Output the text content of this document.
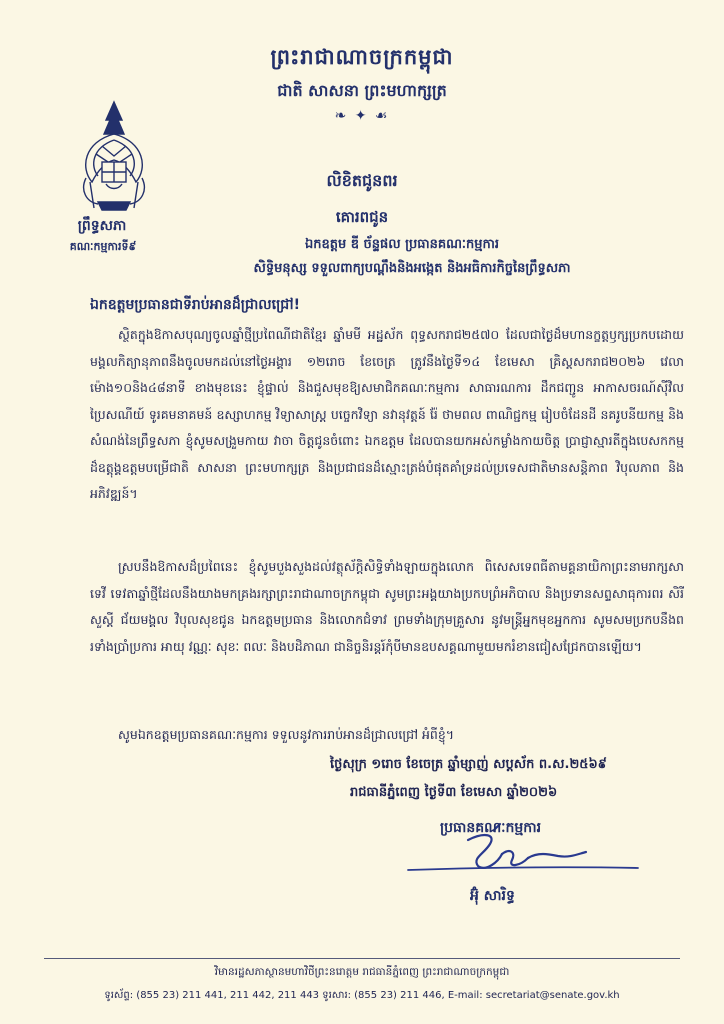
ព្រះរាជាណាចក្រកម្ពុជា
ជាតិ សាសនា ព្រះមហាក្សត្រ
❧ ✦ ☙
ព្រឹទ្ធសភា
គណៈកម្មការទី៩
លិខិតជូនពរ
គោរពជូន
ឯកឧត្តម ឌី ច័ន្ទផល ប្រធានគណៈកម្មការ
សិទ្ធិមនុស្ស ទទួលពាក្យបណ្តឹងនិងអង្កេត និងអធិការកិច្ចនៃព្រឹទ្ធសភា
ឯកឧត្តមប្រធានជាទីរាប់អានដ៏ជ្រាលជ្រៅ!
ស្ថិតក្នុងឱកាសបុណ្យចូលឆ្នាំថ្មីប្រពៃណីជាតិខ្មែរ ឆ្នាំមមី អដ្ឋស័ក ពុទ្ធសករាជ២៥៧០ ដែលជាថ្ងៃដ៏មហានក្ខត្តឫក្សប្រកបដោយមង្គលកិត្យានុភាពនឹងចូលមកដល់នៅថ្ងៃអង្គារ ១២រោច ខែចេត្រ ត្រូវនឹងថ្ងៃទី១៤ ខែមេសា គ្រិស្តសករាជ២០២៦ វេលាម៉ោង១០និង៤៨នាទី ខាងមុខនេះ ខ្ញុំផ្ទាល់ និងជួសមុខឱ្យសមាជិកគណៈកម្មការ សាធារណការ ដឹកជញ្ជូន អាកាសចរណ៍ស៊ីវិល ប្រៃសណីយ៍ ទូរគមនាគមន៍ ឧស្សាហកម្ម វិទ្យាសាស្ត្រ បច្ចេកវិទ្យា នវានុវត្តន៍ រ៉ែ ថាមពល ពាណិជ្ជកម្ម រៀបចំដែនដី នគរូបនីយកម្ម និងសំណង់នៃព្រឹទ្ធសភា ខ្ញុំសូមសង្រួមកាយ វាចា ចិត្តជូនចំពោះ ឯកឧត្តម ដែលបានយកអស់កម្លាំងកាយចិត្ត ប្រាជ្ញាស្មារតីក្នុងបេសកកម្មដ៏ឧត្តុង្គឧត្តមបម្រើជាតិ សាសនា ព្រះមហាក្សត្រ និងប្រជាជនដ៏ស្មោះត្រង់បំផុតគាំទ្រដល់ប្រទេសជាតិមានសន្តិភាព វិបុលភាព និងអភិវឌ្ឍន៍។
ស្របនឹងឱកាសដ៏ប្រពៃនេះ ខ្ញុំសូមបួងសួងដល់វត្ថុស័ក្តិសិទ្ធិទាំងឡាយក្នុងលោក ពិសេសទេពធីតាមគ្គនាយិកាព្រះនាមរាក្សសាទេវី ទេវតាឆ្នាំថ្មីដែលនឹងយាងមកគ្រងរក្សាព្រះរាជាណាចក្រកម្ពុជា សូមព្រះអង្គយាងប្រកបព្រំអភិបាល និងប្រទានសព្ទសាធុការពរ សិរីសួស្តី ជ័យមង្គល វិបុលសុខជូន ឯកឧត្តមប្រធាន និងលោកជំទាវ ព្រមទាំងក្រុមគ្រួសារ នូវមន្ត្រីអ្នកមុខអ្នកការ សូមសមប្រកបនឹងពរទាំងប្រាំប្រការ អាយុ វណ្ណៈ សុខៈ ពលៈ និងបដិភាណ ជានិច្ចនិរន្តរ៍កុំបីមានឧបសគ្គណាមួយមករំខានជៀសជ្រែកបានឡើយ។
សូមឯកឧត្តមប្រធានគណៈកម្មការ ទទួលនូវការរាប់អានដ៏ជ្រាលជ្រៅ អំពីខ្ញុំ។
ថ្ងៃសុក្រ ១រោច ខែចេត្រ ឆ្នាំម្សាញ់ សប្តស័ក ព.ស.២៥៦៩
រាជធានីភ្នំពេញ ថ្ងៃទី៣ ខែមេសា ឆ្នាំ២០២៦
ប្រធានគណៈកម្មការ
អ៊ុំ សារិទ្ធ
វិមានរដ្ឋសភាស្ថានមហាវិថីព្រះនរោត្តម រាជធានីភ្នំពេញ ព្រះរាជាណាចក្រកម្ពុជា
ទូរស័ព្ទ: (855 23) 211 441, 211 442, 211 443 ទូរសារ: (855 23) 211 446, E-mail: secretariat@senate.gov.kh
